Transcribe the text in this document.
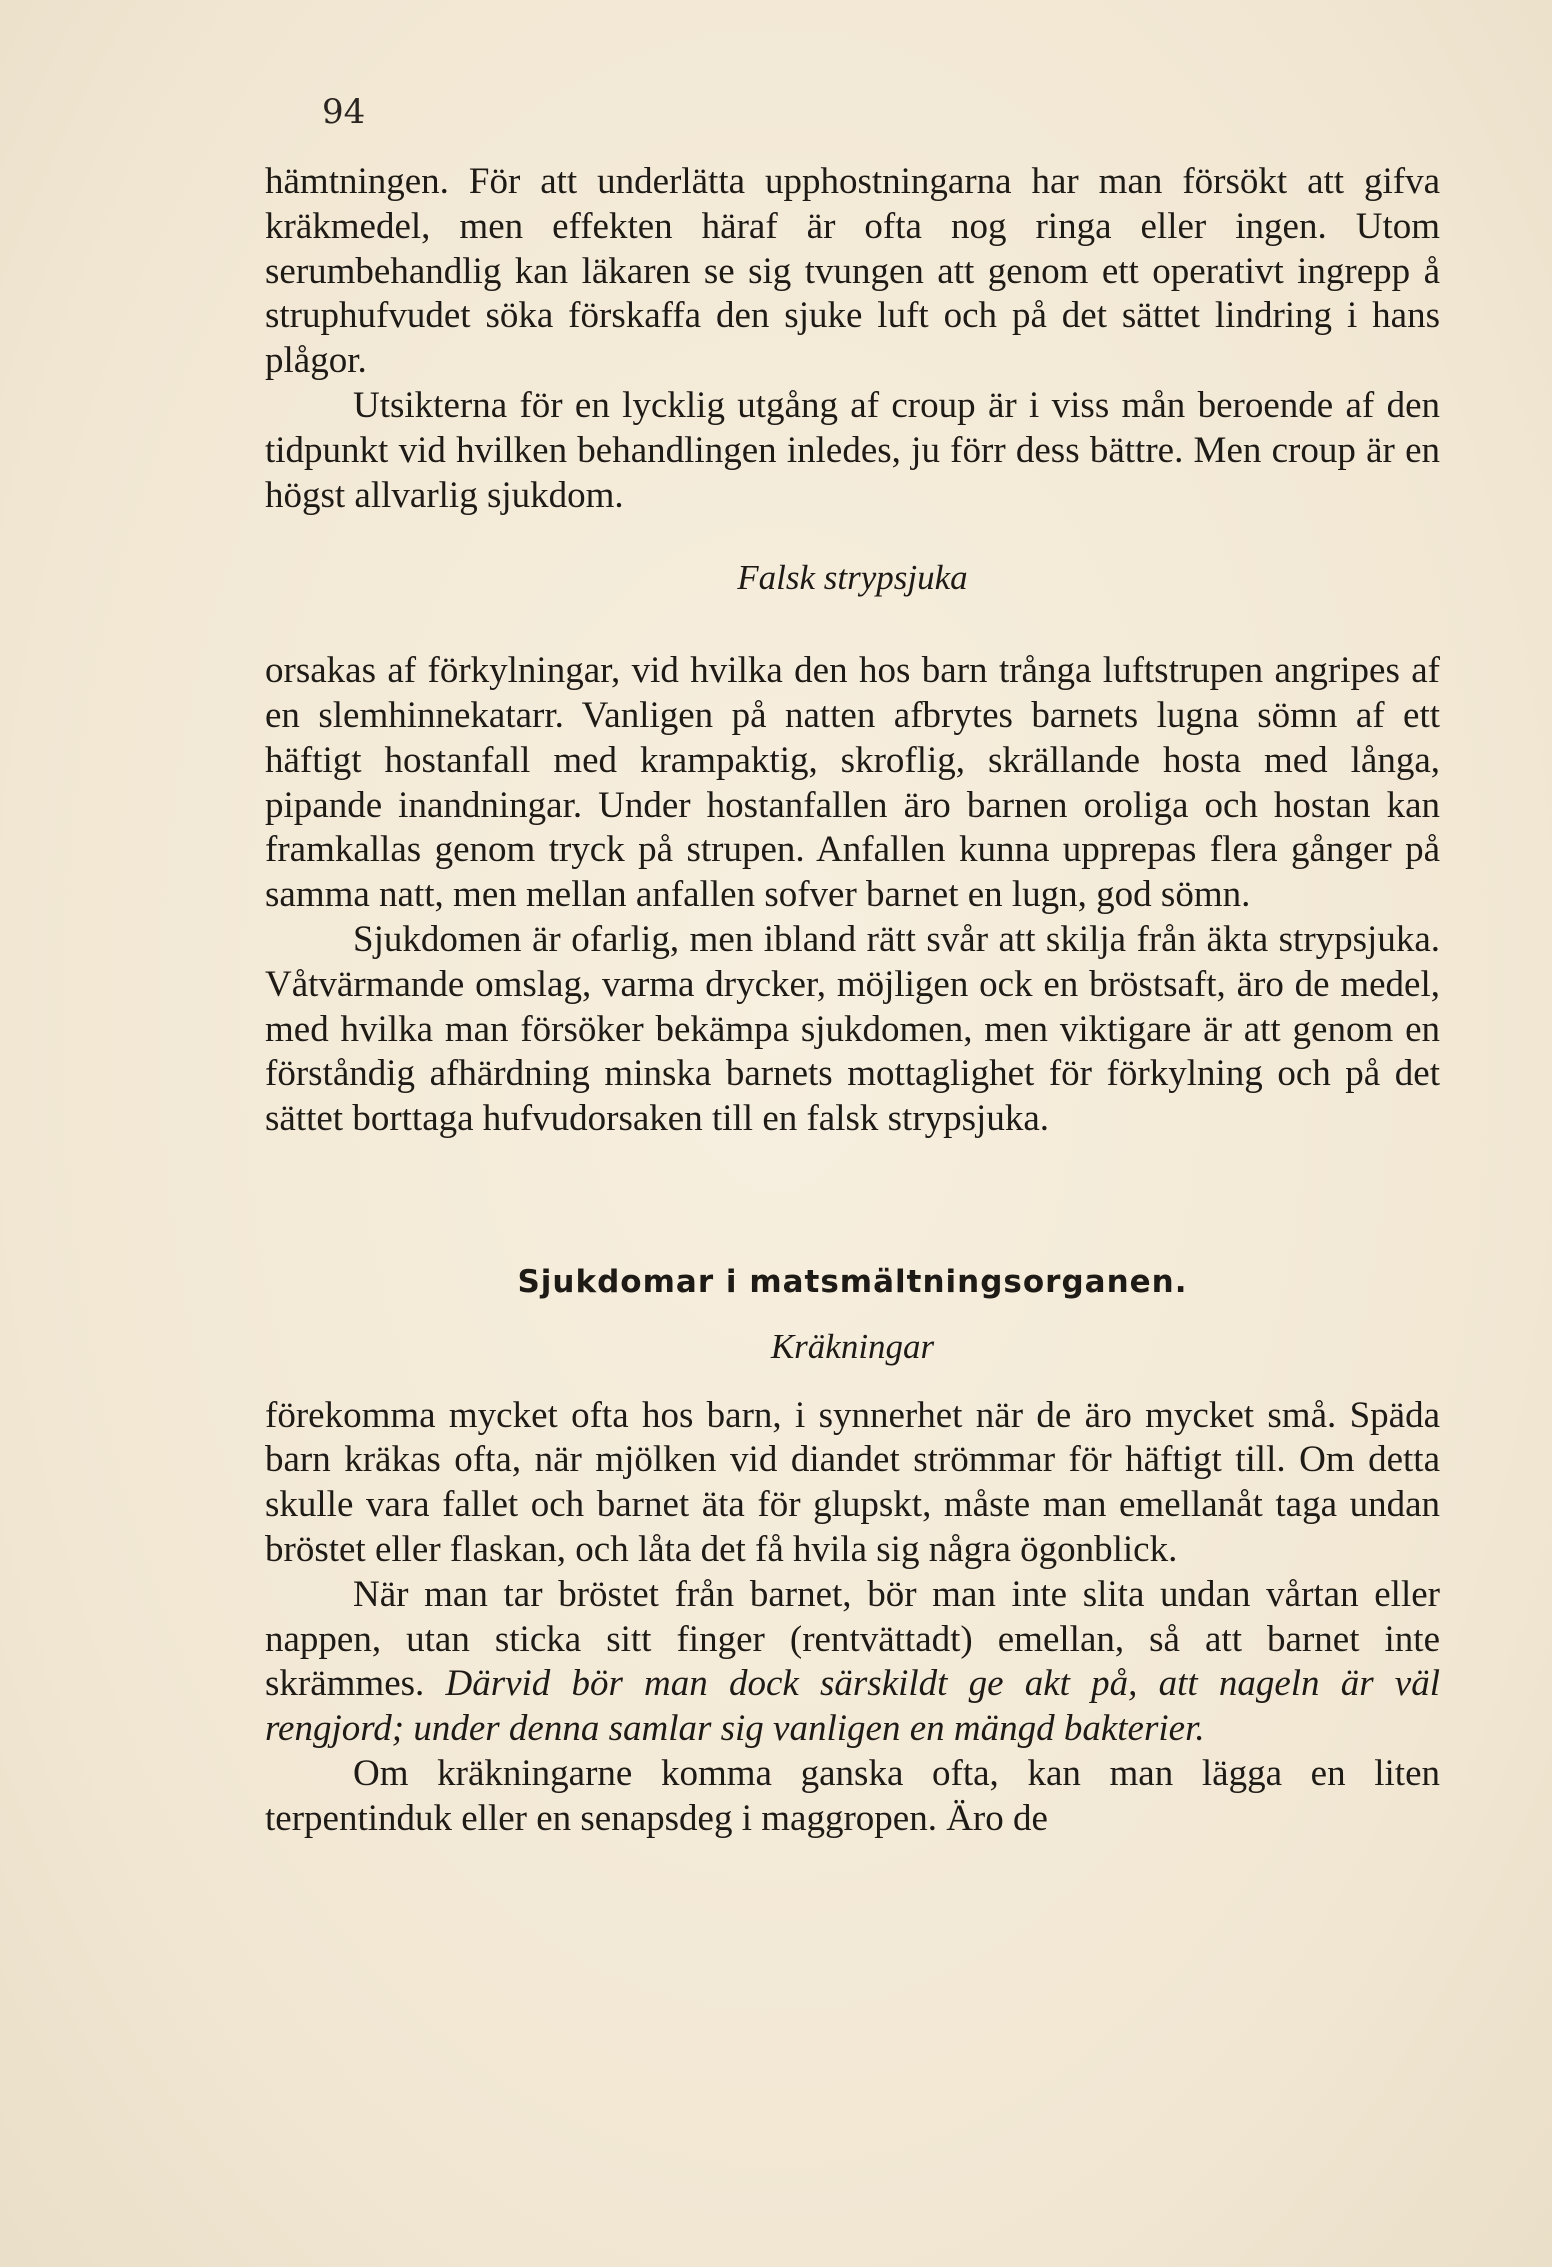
94

hämtningen. För att underlätta upphostningarna har man försökt att gifva kräkmedel, men effekten häraf är ofta nog ringa eller ingen. Utom serumbehandlig kan läkaren se sig tvungen att genom ett operativt ingrepp å struphufvudet söka förskaffa den sjuke luft och på det sättet lindring i hans plågor.

Utsikterna för en lycklig utgång af croup är i viss mån beroende af den tidpunkt vid hvilken behandlingen inledes, ju förr dess bättre. Men croup är en högst allvarlig sjukdom.

Falsk strypsjuka

orsakas af förkylningar, vid hvilka den hos barn trånga luftstrupen angripes af en slemhinnekatarr. Vanligen på natten afbrytes barnets lugna sömn af ett häftigt hostanfall med krampaktig, skroflig, skrällande hosta med långa, pipande inandningar. Under hostanfallen äro barnen oroliga och hostan kan framkallas genom tryck på strupen. Anfallen kunna upprepas flera gånger på samma natt, men mellan anfallen sofver barnet en lugn, god sömn.

Sjukdomen är ofarlig, men ibland rätt svår att skilja från äkta strypsjuka. Våtvärmande omslag, varma drycker, möjligen ock en bröstsaft, äro de medel, med hvilka man försöker bekämpa sjukdomen, men viktigare är att genom en förståndig afhärdning minska barnets mottaglighet för förkylning och på det sättet borttaga hufvudorsaken till en falsk strypsjuka.

Sjukdomar i matsmältningsorganen.
Kräkningar

förekomma mycket ofta hos barn, i synnerhet när de äro mycket små. Späda barn kräkas ofta, när mjölken vid diandet strömmar för häftigt till. Om detta skulle vara fallet och barnet äta för glupskt, måste man emellanåt taga undan bröstet eller flaskan, och låta det få hvila sig några ögonblick.

När man tar bröstet från barnet, bör man inte slita undan vårtan eller nappen, utan sticka sitt finger (rentvättadt) emellan, så att barnet inte skrämmes. Därvid bör man dock särskildt ge akt på, att nageln är väl rengjord; under denna samlar sig vanligen en mängd bakterier.

Om kräkningarne komma ganska ofta, kan man lägga en liten terpentinduk eller en senapsdeg i maggropen. Äro de
